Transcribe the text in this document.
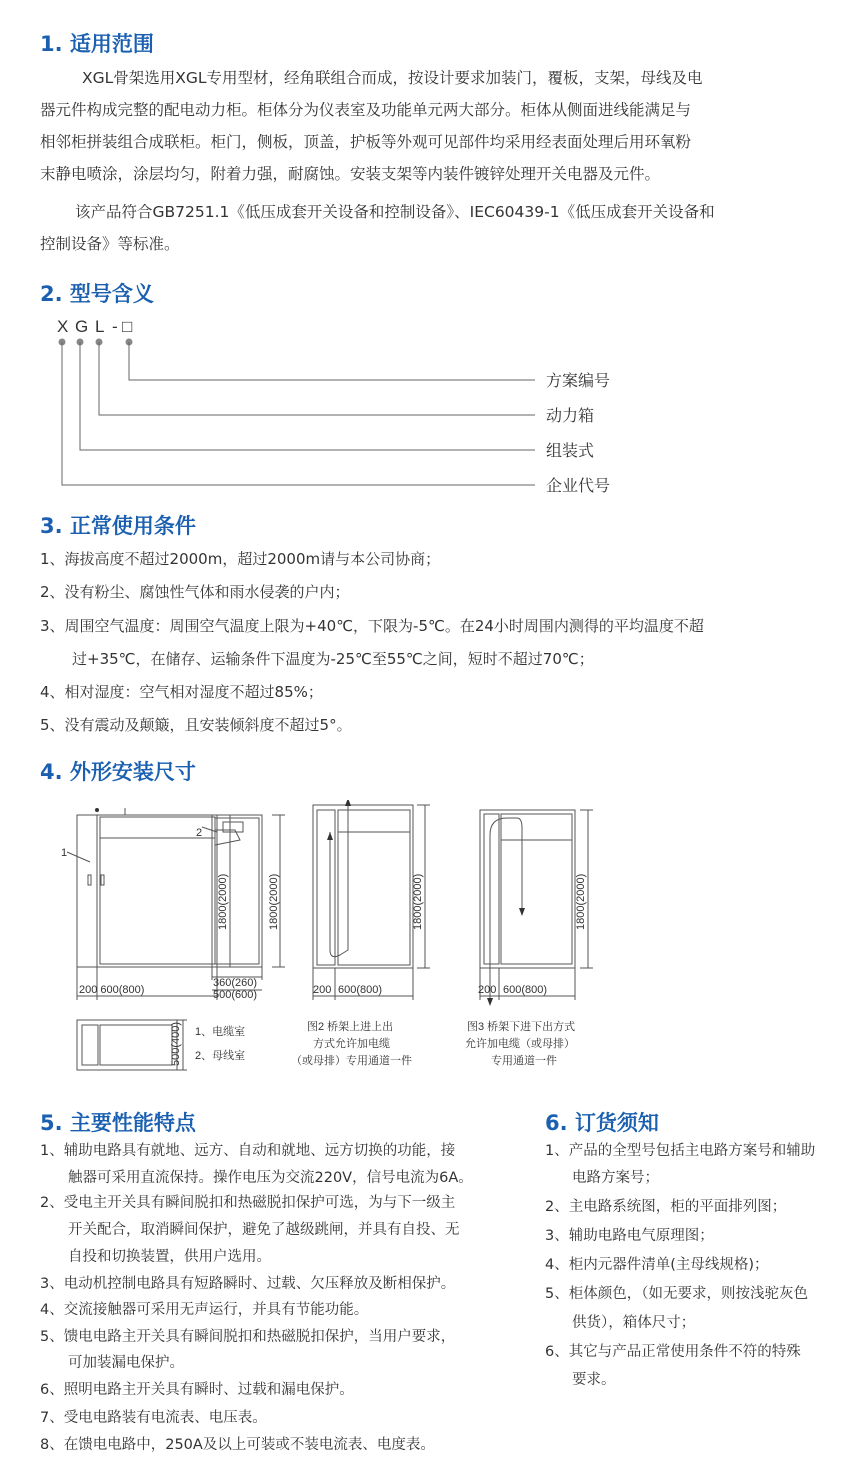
1. 适用范围
XGL骨架选用XGL专用型材，经角联组合而成，按设计要求加装门，覆板，支架，母线及电
器元件构成完整的配电动力柜。柜体分为仪表室及功能单元两大部分。柜体从侧面进线能满足与
相邻柜拼装组合成联柜。柜门，侧板，顶盖，护板等外观可见部件均采用经表面处理后用环氧粉
末静电喷涂，涂层均匀，附着力强，耐腐蚀。安装支架等内装件镀锌处理开关电器及元件。
该产品符合GB7251.1《低压成套开关设备和控制设备》、IEC60439-1《低压成套开关设备和
控制设备》等标准。
2. 型号含义
X G L - □
方案编号
动力箱
组装式
企业代号
3. 正常使用条件
1、海拔高度不超过2000m，超过2000m请与本公司协商；
2、没有粉尘、腐蚀性气体和雨水侵袭的户内；
3、周围空气温度：周围空气温度上限为+40℃，下限为-5℃。在24小时周围内测得的平均温度不超
过+35℃，在储存、运输条件下温度为-25℃至55℃之间，短时不超过70℃；
4、相对湿度：空气相对湿度不超过85%；
5、没有震动及颠簸，且安装倾斜度不超过5°。
4. 外形安装尺寸
1
2
1800(2000)
200 600(800)
360(260)
500(600)
1800(2000)
500(400) 1、电缆室
2、母线室
1800(2000)
200 600(800)
图2 桥架上进上出
方式允许加电缆
（或母排）专用通道一件
1800(2000)
200 600(800)
图3 桥架下进下出方式
允许加电缆（或母排）
专用通道一件
5. 主要性能特点
1、辅助电路具有就地、远方、自动和就地、远方切换的功能，接
触器可采用直流保持。操作电压为交流220V，信号电流为6A。
2、受电主开关具有瞬间脱扣和热磁脱扣保护可选，为与下一级主
开关配合，取消瞬间保护，避免了越级跳闸，并具有自投、无
自投和切换装置，供用户选用。
3、电动机控制电路具有短路瞬时、过载、欠压释放及断相保护。
4、交流接触器可采用无声运行，并具有节能功能。
5、馈电电路主开关具有瞬间脱扣和热磁脱扣保护，当用户要求，
可加装漏电保护。
6、照明电路主开关具有瞬时、过载和漏电保护。
7、受电电路装有电流表、电压表。
8、在馈电电路中，250A及以上可装或不装电流表、电度表。
6. 订货须知
1、产品的全型号包括主电路方案号和辅助
电路方案号；
2、主电路系统图，柜的平面排列图；
3、辅助电路电气原理图；
4、柜内元器件清单(主母线规格)；
5、柜体颜色，（如无要求，则按浅驼灰色
供货），箱体尺寸；
6、其它与产品正常使用条件不符的特殊
要求。
